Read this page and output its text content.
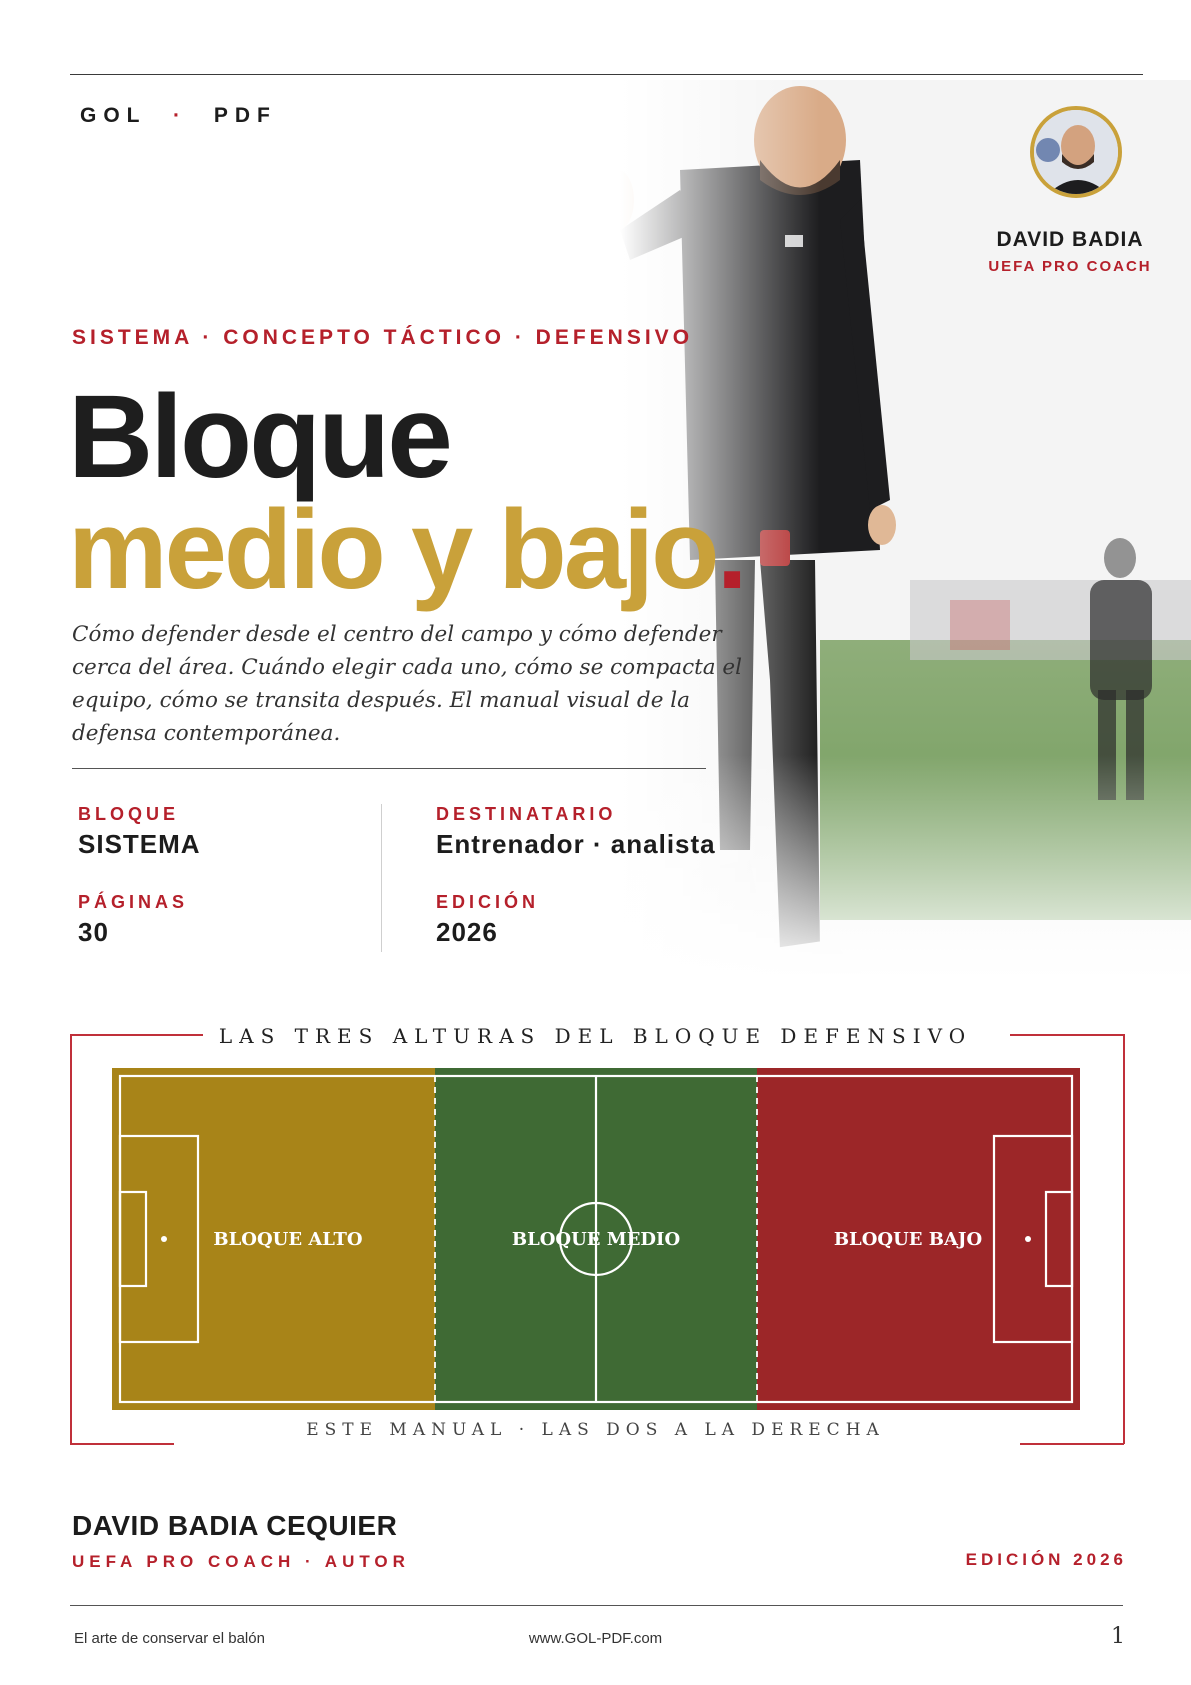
GOL · PDF
DAVID BADIA
UEFA PRO COACH
SISTEMA · CONCEPTO TÁCTICO · DEFENSIVO
Bloque
medio y bajo.
Cómo defender desde el centro del campo y cómo defender cerca del área. Cuándo elegir cada uno, cómo se compacta el equipo, cómo se transita después. El manual visual de la defensa contemporánea.
BLOQUE
SISTEMA
PÁGINAS
30
DESTINATARIO
Entrenador · analista
EDICIÓN
2026
LAS TRES ALTURAS DEL BLOQUE DEFENSIVO
BLOQUE ALTO	BLOQUE MEDIO	BLOQUE BAJO
ESTE MANUAL · LAS DOS A LA DERECHA
DAVID BADIA CEQUIER
UEFA PRO COACH · AUTOR	EDICIÓN 2026
El arte de conservar el balón	www.GOL-PDF.com	1
